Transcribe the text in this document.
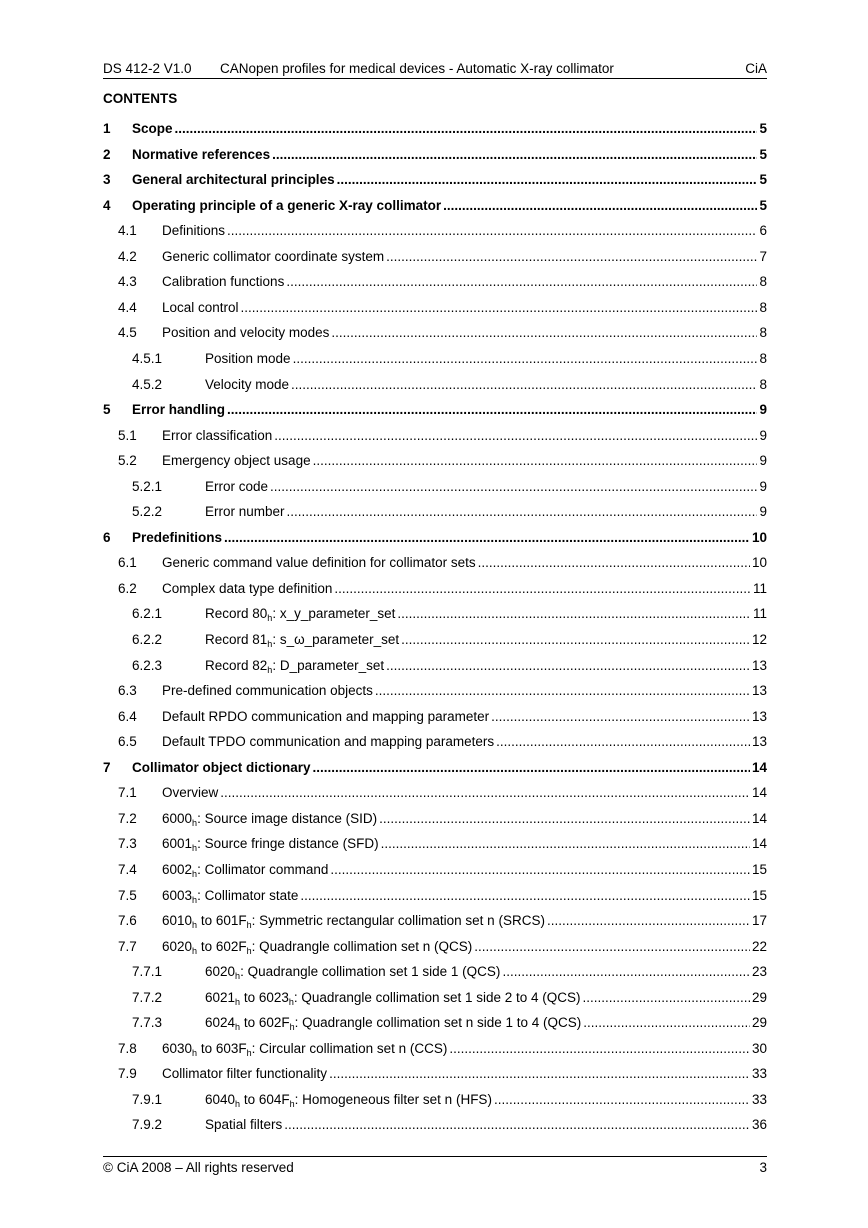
DS 412-2 V1.0 CANopen profiles for medical devices - Automatic X-ray collimator	CiA
CONTENTS
1	Scope .....	5
2	Normative references .....	5
3	General architectural principles .....	5
4	Operating principle of a generic X-ray collimator .....	5
4.1	Definitions .....	6
4.2	Generic collimator coordinate system .....	7
4.3	Calibration functions .....	8
4.4	Local control .....	8
4.5	Position and velocity modes .....	8
4.5.1	Position mode .....	8
4.5.2	Velocity mode .....	8
5	Error handling .....	9
5.1	Error classification .....	9
5.2	Emergency object usage .....	9
5.2.1	Error code .....	9
5.2.2	Error number .....	9
6	Predefinitions .....	10
6.1	Generic command value definition for collimator sets .....	10
6.2	Complex data type definition .....	11
6.2.1	Record $80_h$: x_y_parameter_set .....	11
6.2.2	Record $81_h$: s_ω_parameter_set .....	12
6.2.3	Record $82_h$: D_parameter_set .....	13
6.3	Pre-defined communication objects .....	13
6.4	Default RPDO communication and mapping parameter .....	13
6.5	Default TPDO communication and mapping parameters .....	13
7	Collimator object dictionary .....	14
7.1	Overview .....	14
7.2	$6000_h$: Source image distance (SID) .....	14
7.3	$6001_h$: Source fringe distance (SFD) .....	14
7.4	$6002_h$: Collimator command .....	15
7.5	$6003_h$: Collimator state .....	15
7.6	$6010_h$ to $601F_h$: Symmetric rectangular collimation set n (SRCS) .....	17
7.7	$6020_h$ to $602F_h$: Quadrangle collimation set n (QCS) .....	22
7.7.1	$6020_h$: Quadrangle collimation set 1 side 1 (QCS) .....	23
7.7.2	$6021_h$ to $6023_h$: Quadrangle collimation set 1 side 2 to 4 (QCS) .....	29
7.7.3	$6024_h$ to $602F_h$: Quadrangle collimation set n side 1 to 4 (QCS) .....	29
7.8	$6030_h$ to $603F_h$: Circular collimation set n (CCS) .....	30
7.9	Collimator filter functionality .....	33
7.9.1	$6040_h$ to $604F_h$: Homogeneous filter set n (HFS) .....	33
7.9.2	Spatial filters .....	36
© CiA 2008 – All rights reserved	3
